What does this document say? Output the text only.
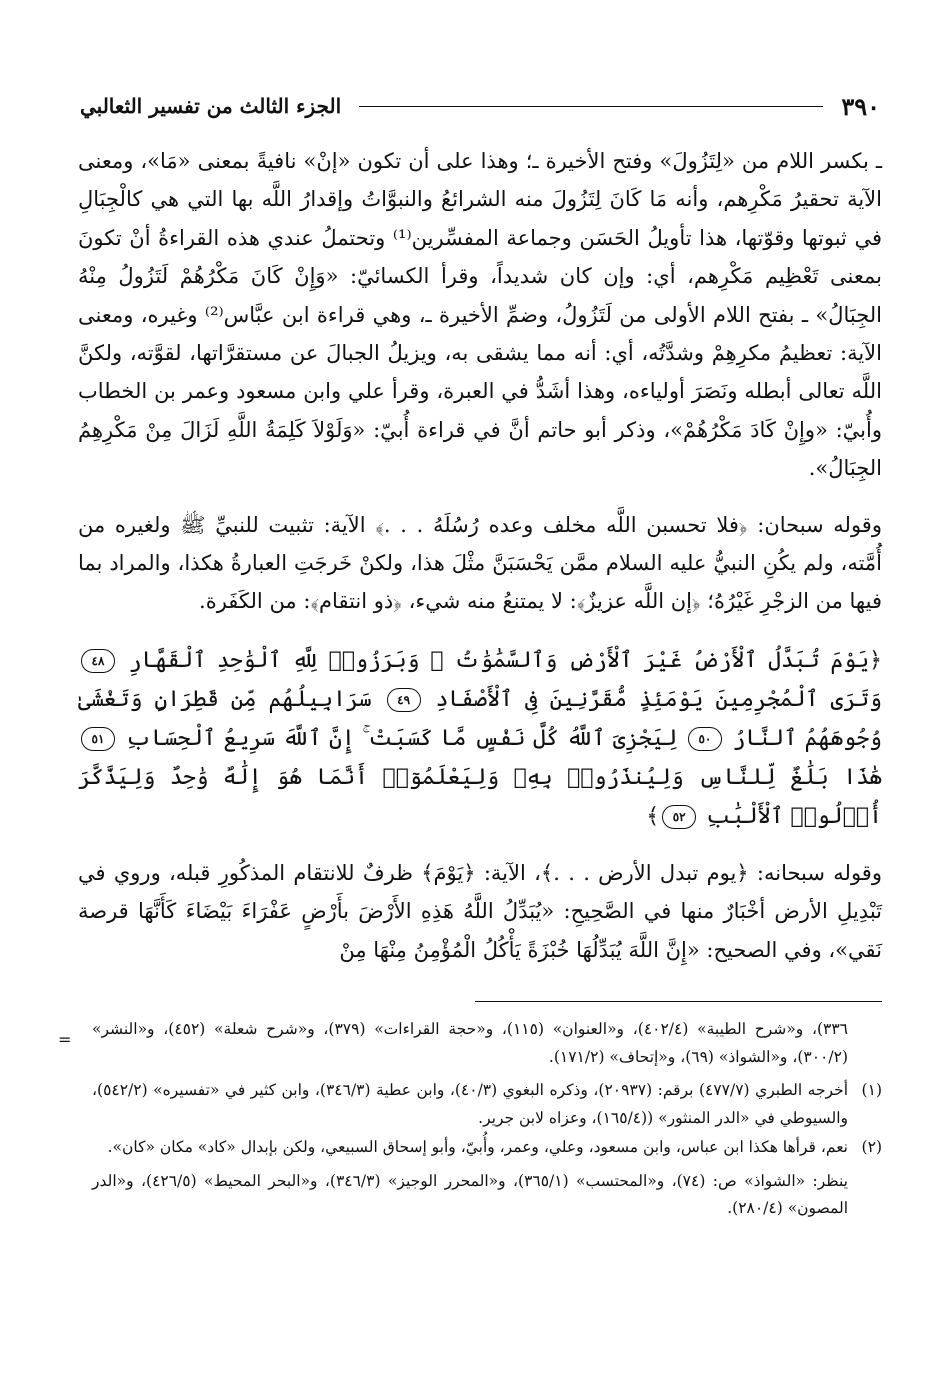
٣٩٠
الجزء الثالث من تفسير الثعالبي

ـ بكسر اللام من «لِتَزُولَ» وفتح الأخيرة ـ؛ وهذا على أن تكون «إنْ» نافيةً بمعنى «مَا»، ومعنى الآية تحقيرُ مَكْرِهم، وأنه مَا كَانَ لِتَزُولَ منه الشرائعُ والنبوَّاتُ وإقدارُ اللَّه بها التي هي كالْجِبَالِ في ثبوتها وقوّتها، هذا تأويلُ الحَسَن وجماعة المفسِّرين⁽¹⁾ وتحتملُ عندي هذه القراءةُ أنْ تكونَ بمعنى تَعْظِيم مَكْرِهم، أي: وإن كان شديداً، وقرأ الكسائيّ: «وَإِنْ كَانَ مَكْرُهُمْ لَتَزُولُ مِنْهُ الجِبَالُ» ـ بفتح اللام الأولى من لَتَزُولُ، وضمِّ الأخيرة ـ، وهي قراءة ابن عبَّاس⁽²⁾ وغيره، ومعنى الآية: تعظيمُ مكرِهِمْ وشدَّتُه، أي: أنه مما يشقى به، ويزيلُ الجبالَ عن مستقرَّاتها، لقوَّته، ولكنَّ اللَّه تعالى أبطله ونَصَرَ أولياءه، وهذا أشَدُّ في العبرة، وقرأ علي وابن مسعود وعمر بن الخطاب وأُبيّ: «وإِنْ كَادَ مَكْرُهُمْ»، وذكر أبو حاتم أنَّ في قراءة أُبيّ: «وَلَوْلاَ كَلِمَةُ اللَّهِ لَزَالَ مِنْ مَكْرِهِمُ الجِبَالُ».

وقوله سبحان: ﴿فلا تحسبن اللَّه مخلف وعده رُسُلَهُ . . .﴾ الآية: تثبيت للنبيِّ ﷺ ولغيره من أُمَّته، ولم يكُنِ النبيُّ عليه السلام ممَّن يَحْسَبَنَّ مثْلَ هذا، ولكنْ خَرجَتِ العبارةُ هكذا، والمراد بما فيها من الزجْرِ غَيْرُهُ؛ ﴿إن اللَّه عزيزٌ﴾: لا يمتنعُ منه شيء، ﴿ذو انتقام﴾: من الكَفَرة.

﴿يَوْمَ تُبَدَّلُ ٱلْأَرْضُ غَيْرَ ٱلْأَرْضِ وَٱلسَّمَٰوَٰتُ ۖ وَبَرَزُوا۟ لِلَّهِ ٱلْوَٰحِدِ ٱلْقَهَّارِ ٤٨ وَتَرَى ٱلْمُجْرِمِينَ يَوْمَئِذٍ مُّقَرَّنِينَ فِى ٱلْأَصْفَادِ ٤٩ سَرَابِيلُهُم مِّن قَطِرَانٍ وَتَغْشَىٰ وُجُوهَهُمُ ٱلنَّارُ ٥٠ لِيَجْزِىَ ٱللَّهُ كُلَّ نَفْسٍ مَّا كَسَبَتْ ۚ إِنَّ ٱللَّهَ سَرِيعُ ٱلْحِسَابِ ٥١ هَٰذَا بَلَٰغٌ لِّلنَّاسِ وَلِيُنذَرُوا۟ بِهِۦ وَلِيَعْلَمُوٓا۟ أَنَّمَا هُوَ إِلَٰهٌ وَٰحِدٌ وَلِيَذَّكَّرَ أُو۟لُوا۟ ٱلْأَلْبَٰبِ ٥٢﴾

وقوله سبحانه: ﴿يوم تبدل الأرض . . .﴾، الآية: ﴿يَوْمَ﴾ ظرفٌ للانتقام المذكُورِ قبله، وروي في تَبْدِيلِ الأرض أخْبَارٌ منها في الصَّحِيحِ: «يُبَدِّلُ اللَّهُ هَذِهِ الأَرْضَ بأَرْضٍ عَفْرَاءَ بَيْضَاءَ كَأَنَّهَا قرصة نَقي»، وفي الصحيح: «إِنَّ اللَّهَ يُبَدِّلُهَا خُبْزَةً يَأْكُلُ الْمُؤْمِنُ مِنْهَا مِنْ

=
٣٣٦)، و«شرح الطيبة» (٤٠٢/٤)، و«العنوان» (١١٥)، و«حجة القراءات» (٣٧٩)، و«شرح شعلة» (٤٥٢)، و«النشر» (٣٠٠/٢)، و«الشواذ» (٦٩)، و«إتحاف» (١٧١/٢).
(١)
أخرجه الطبري (٤٧٧/٧) برقم: (٢٠٩٣٧)، وذكره البغوي (٤٠/٣)، وابن عطية (٣٤٦/٣)، وابن كثير في «تفسيره» (٥٤٢/٢)، والسيوطي في «الدر المنثور» ((١٦٥/٤)، وعزاه لابن جرير.
(٢)
نعم، قرأها هكذا ابن عباس، وابن مسعود، وعلي، وعمر، وأُبيّ، وأبو إسحاق السبيعي، ولكن بإبدال «كاد» مكان «كان».
ينظر: «الشواذ» ص: (٧٤)، و«المحتسب» (٣٦٥/١)، و«المحرر الوجيز» (٣٤٦/٣)، و«البحر المحيط» (٤٢٦/٥)، و«الدر المصون» (٢٨٠/٤).
